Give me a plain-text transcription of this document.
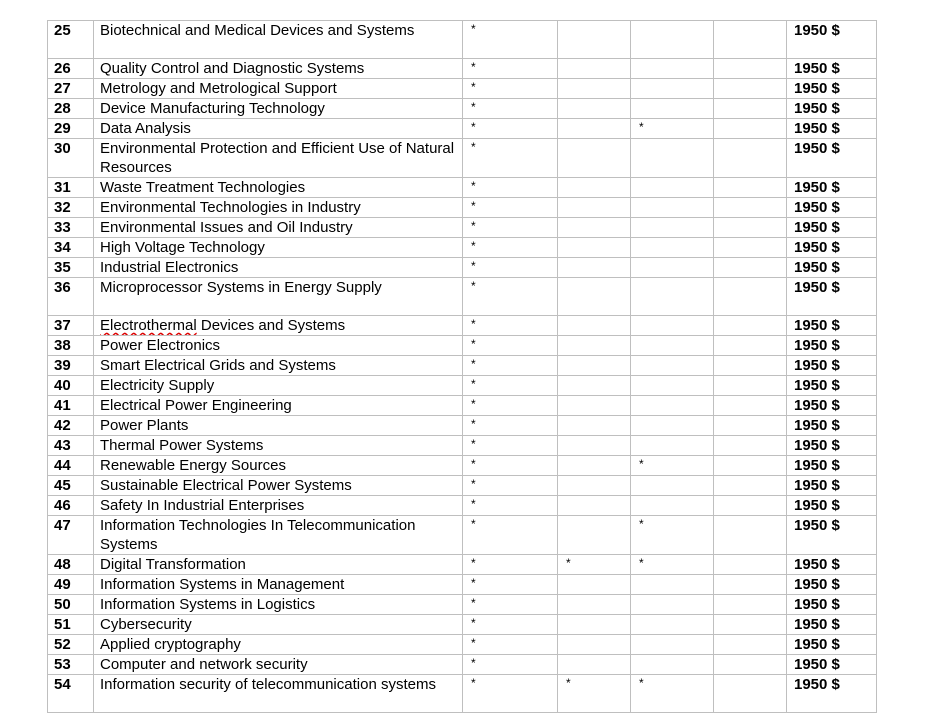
25	Biotechnical and Medical Devices and Systems	*				1950 $
26	Quality Control and Diagnostic Systems	*				1950 $
27	Metrology and Metrological Support	*				1950 $
28	Device Manufacturing Technology	*				1950 $
29	Data Analysis	*		*		1950 $
30	Environmental Protection and Efficient Use of Natural Resources	*				1950 $
31	Waste Treatment Technologies	*				1950 $
32	Environmental Technologies in Industry	*				1950 $
33	Environmental Issues and Oil Industry	*				1950 $
34	High Voltage Technology	*				1950 $
35	Industrial Electronics	*				1950 $
36	Microprocessor Systems in Energy Supply	*				1950 $
37	Electrothermal Devices and Systems	*				1950 $
38	Power Electronics	*				1950 $
39	Smart Electrical Grids and Systems	*				1950 $
40	Electricity Supply	*				1950 $
41	Electrical Power Engineering	*				1950 $
42	Power Plants	*				1950 $
43	Thermal Power Systems	*				1950 $
44	Renewable Energy Sources	*		*		1950 $
45	Sustainable Electrical Power Systems	*				1950 $
46	Safety In Industrial Enterprises	*				1950 $
47	Information Technologies In Telecommunication Systems	*		*		1950 $
48	Digital Transformation	*	*	*		1950 $
49	Information Systems in Management	*				1950 $
50	Information Systems in Logistics	*				1950 $
51	Cybersecurity	*				1950 $
52	Applied cryptography	*				1950 $
53	Computer and network security	*				1950 $
54	Information security of telecommunication systems	*	*	*		1950 $
